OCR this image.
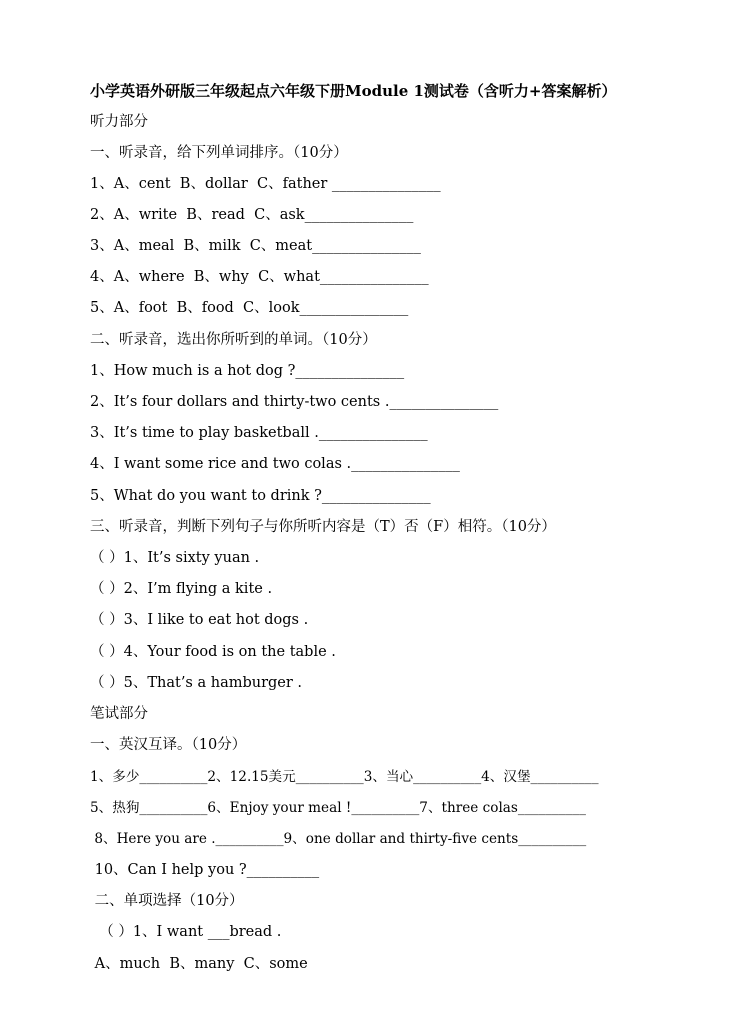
小学英语外研版三年级起点六年级下册Module 1测试卷（含听力+答案解析）
听力部分
一、听录音，给下列单词排序。（10分）
1、A、cent  B、dollar  C、father _______________
2、A、write  B、read  C、ask_______________
3、A、meal  B、milk  C、meat_______________
4、A、where  B、why  C、what_______________
5、A、foot  B、food  C、look_______________
二、听录音，选出你所听到的单词。（10分）
1、How much is a hot dog ?_______________
2、It’s four dollars and thirty-two cents ._______________
3、It’s time to play basketball ._______________
4、I want some rice and two colas ._______________
5、What do you want to drink ?_______________
三、听录音，判断下列句子与你所听内容是（T）否（F）相符。（10分）
（ ）1、It’s sixty yuan .
（ ）2、I’m flying a kite .
（ ）3、I like to eat hot dogs .
（ ）4、Your food is on the table .
（ ）5、That’s a hamburger .
笔试部分
一、英汉互译。（10分）
1、多少__________2、12.15美元__________3、当心__________4、汉堡__________
5、热狗__________6、Enjoy your meal !__________7、three colas__________
8、Here you are .__________9、one dollar and thirty-five cents__________
10、Can I help you ?__________
二、单项选择（10分）
（ ）1、I want ___bread .
A、much  B、many  C、some
